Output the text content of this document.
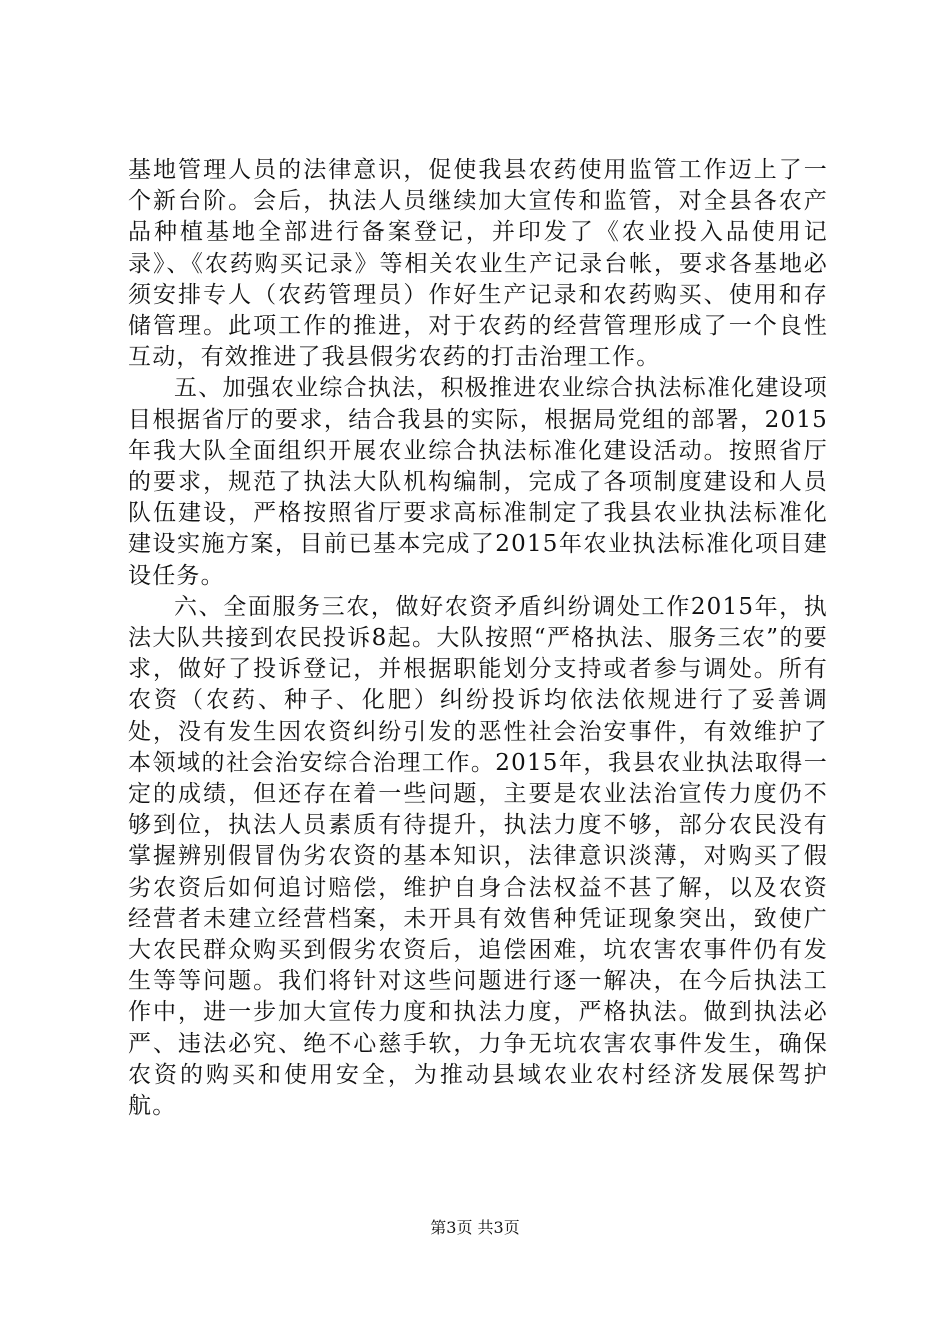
基地管理人员的法律意识，促使我县农药使用监管工作迈上了一个新台阶。会后，执法人员继续加大宣传和监管，对全县各农产品种植基地全部进行备案登记，并印发了《农业投入品使用记录》、《农药购买记录》等相关农业生产记录台帐，要求各基地必须安排专人（农药管理员）作好生产记录和农药购买、使用和存储管理。此项工作的推进，对于农药的经营管理形成了一个良性互动，有效推进了我县假劣农药的打击治理工作。

五、加强农业综合执法，积极推进农业综合执法标准化建设项目根据省厅的要求，结合我县的实际，根据局党组的部署，2015年我大队全面组织开展农业综合执法标准化建设活动。按照省厅的要求，规范了执法大队机构编制，完成了各项制度建设和人员队伍建设，严格按照省厅要求高标准制定了我县农业执法标准化建设实施方案，目前已基本完成了2015年农业执法标准化项目建设任务。

六、全面服务三农，做好农资矛盾纠纷调处工作2015年，执法大队共接到农民投诉8起。大队按照“严格执法、服务三农”的要求，做好了投诉登记，并根据职能划分支持或者参与调处。所有农资（农药、种子、化肥）纠纷投诉均依法依规进行了妥善调处，没有发生因农资纠纷引发的恶性社会治安事件，有效维护了本领域的社会治安综合治理工作。2015年，我县农业执法取得一定的成绩，但还存在着一些问题，主要是农业法治宣传力度仍不够到位，执法人员素质有待提升，执法力度不够，部分农民没有掌握辨别假冒伪劣农资的基本知识，法律意识淡薄，对购买了假劣农资后如何追讨赔偿，维护自身合法权益不甚了解，以及农资经营者未建立经营档案，未开具有效售种凭证现象突出，致使广大农民群众购买到假劣农资后，追偿困难，坑农害农事件仍有发生等等问题。我们将针对这些问题进行逐一解决，在今后执法工作中，进一步加大宣传力度和执法力度，严格执法。做到执法必严、违法必究、绝不心慈手软，力争无坑农害农事件发生，确保农资的购买和使用安全，为推动县域农业农村经济发展保驾护航。

第3页 共3页
